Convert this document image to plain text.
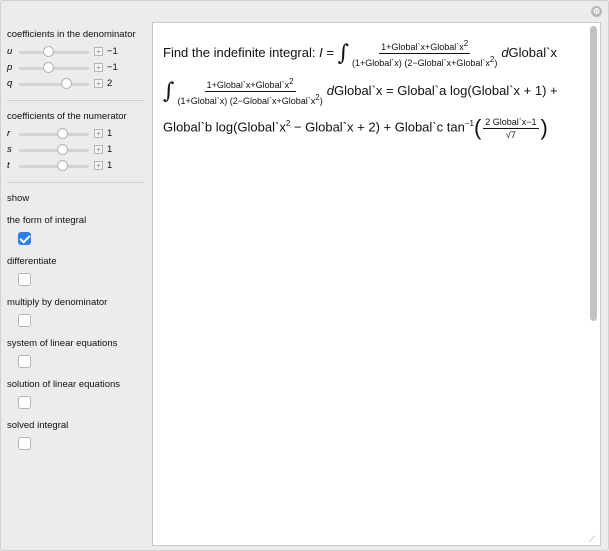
⊕
coefficients in the denominator
u	+ −1
p	+ −1
q	+ 2
coefficients of the numerator
r	+ 1
s	+ 1
t	+ 1
show
the form of integral
differentiate
multiply by denominator
system of linear equations
solution of linear equations
solved integral
Find the indefinite integral: I = ∫ $\frac{1+Global`x+Global`x^2}{(1+Global`x) (2-Global`x+Global`x^2)}$ dGlobal`x
∫ $\frac{1+Global`x+Global`x^2}{(1+Global`x) (2-Global`x+Global`x^2)}$ dGlobal`x = Global`a log(Global`x + 1) +
Global`b $\log(Global`x^2$ − Global`x + 2) + Global`c $\tan^{-1}( \frac{\text{2 Global`x−1}}{√7}$ )
⟋
